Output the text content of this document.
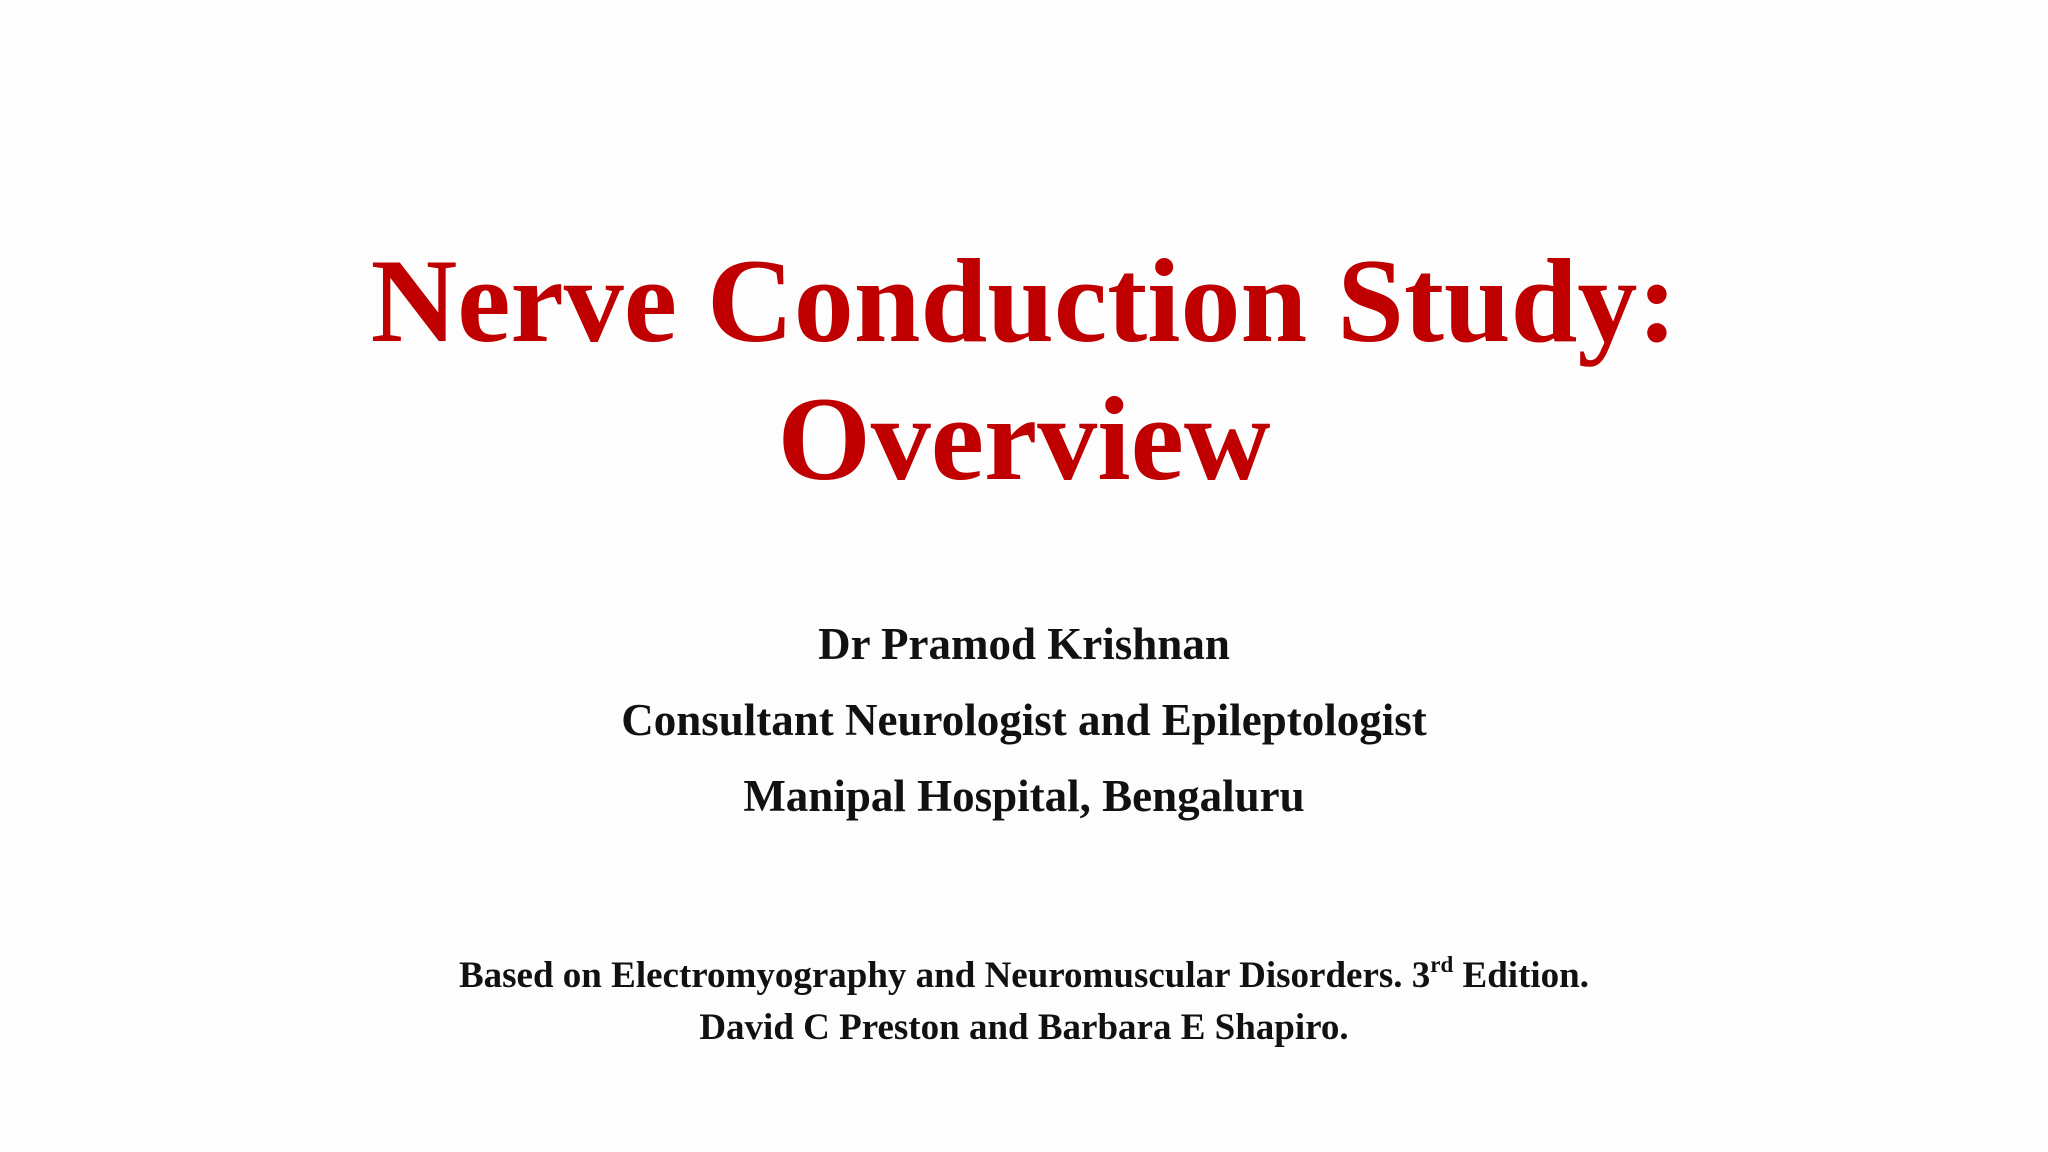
Nerve Conduction Study:
Overview
Dr Pramod Krishnan
Consultant Neurologist and Epileptologist
Manipal Hospital, Bengaluru
Based on Electromyography and Neuromuscular Disorders. 3rd Edition.
David C Preston and Barbara E Shapiro.
